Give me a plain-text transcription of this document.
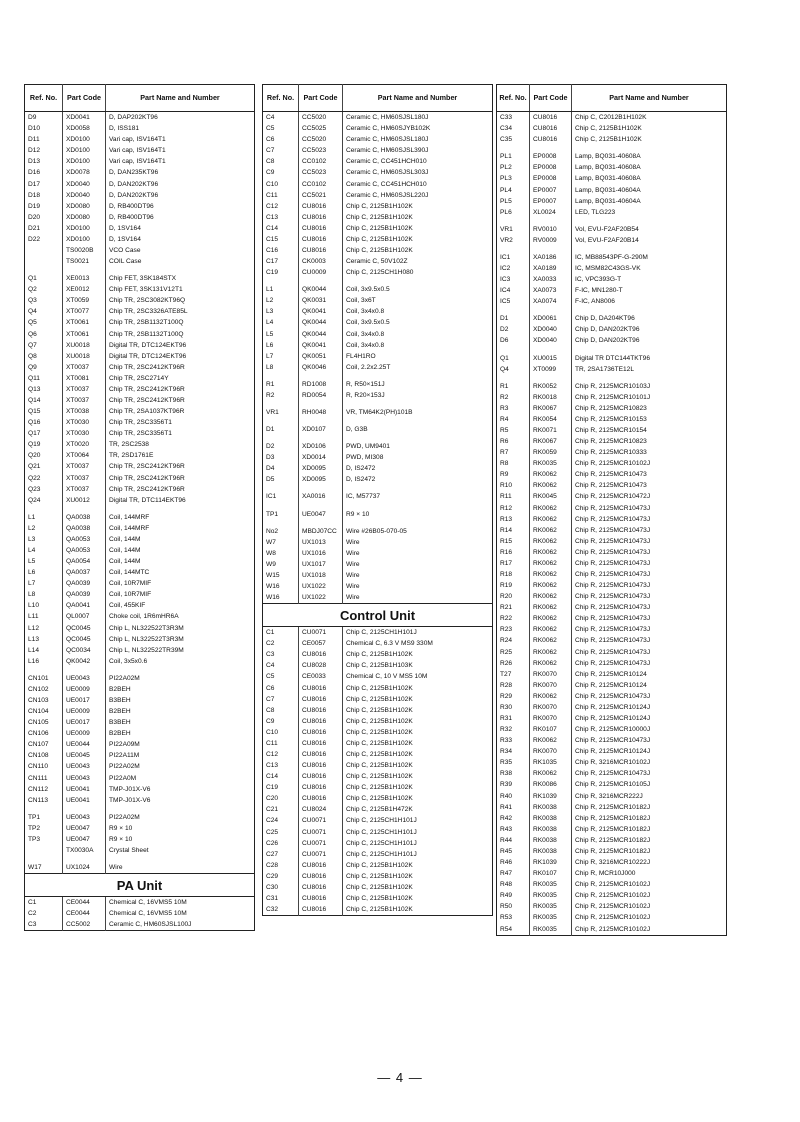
Ref. No.	Part Code	Part Name and Number
D9	XD0041	D, DAP202KT96
D10	XD0058	D, ISS181
D11	XD0100	Vari cap, ISV164T1
D12	XD0100	Vari cap, ISV164T1
D13	XD0100	Vari cap, ISV164T1
D16	XD0078	D, DAN235KT96
D17	XD0040	D, DAN202KT96
D18	XD0040	D, DAN202KT96
D19	XD0080	D, RB400DT96
D20	XD0080	D, RB400DT96
D21	XD0100	D, 1SV164
D22	XD0100	D, 1SV164
	TS0020B	VCO Case
	TS0021	COIL Case

Q1	XE0013	Chip FET, 3SK184STX
Q2	XE0012	Chip FET, 3SK131V12T1
Q3	XT0059	Chip TR, 2SC3082KT96Q
Q4	XT0077	Chip TR, 2SC3326ATE85L
Q5	XT0061	Chip TR, 2SB1132T100Q
Q6	XT0061	Chip TR, 2SB1132T100Q
Q7	XU0018	Digital TR, DTC124EKT96
Q8	XU0018	Digital TR, DTC124EKT96
Q9	XT0037	Chip TR, 2SC2412KT96R
Q11	XT0081	Chip TR, 2SC2714Y
Q13	XT0037	Chip TR, 2SC2412KT96R
Q14	XT0037	Chip TR, 2SC2412KT96R
Q15	XT0038	Chip TR, 2SA1037KT96R
Q16	XT0030	Chip TR, 2SC3356T1
Q17	XT0030	Chip TR, 2SC3356T1
Q19	XT0020	TR, 2SC2538
Q20	XT0064	TR, 2SD1761E
Q21	XT0037	Chip TR, 2SC2412KT96R
Q22	XT0037	Chip TR, 2SC2412KT96R
Q23	XT0037	Chip TR, 2SC2412KT96R
Q24	XU0012	Digital TR, DTC114EKT96

L1	QA0038	Coil, 144MRF
L2	QA0038	Coil, 144MRF
L3	QA0053	Coil, 144M
L4	QA0053	Coil, 144M
L5	QA0054	Coil, 144M
L6	QA0037	Coil, 144MTC
L7	QA0039	Coil, 10R7MIF
L8	QA0039	Coil, 10R7MIF
L10	QA0041	Coil, 455KIF
L11	QL0007	Choke coil, 1R6mHR6A
L12	QC0045	Chip L, NL322522T3R3M
L13	QC0045	Chip L, NL322522T3R3M
L14	QC0034	Chip L, NL322522TR39M
L16	QK0042	Coil, 3x5x0.6

CN101	UE0043	PI22A02M
CN102	UE0009	B2BEH
CN103	UE0017	B3BEH
CN104	UE0009	B2BEH
CN105	UE0017	B3BEH
CN106	UE0009	B2BEH
CN107	UE0044	PI22A09M
CN108	UE0045	PI22A11M
CN110	UE0043	PI22A02M
CN111	UE0043	PI22A0M
CN112	UE0041	TMP-J01X-V6
CN113	UE0041	TMP-J01X-V6

TP1	UE0043	PI22A02M
TP2	UE0047	R9 × 10
TP3	UE0047	R9 × 10
	TX0030A	Crystal Sheet

W17	UX1024	Wire
PA Unit		
C1	CE0044	Chemical C, 16VMS5 10M
C2	CE0044	Chemical C, 16VMS5 10M
C3	CC5002	Ceramic C, HM60SJSL100J
Ref. No.	Part Code	Part Name and Number
C4	CC5020	Ceramic C, HM60SJSL180J
C5	CC5025	Ceramic C, HM60SJYB102K
C6	CC5020	Ceramic C, HM60SJSL180J
C7	CC5023	Ceramic C, HM60SJSL390J
C8	CC0102	Ceramic C, CC451HCH010
C9	CC5023	Ceramic C, HM60SJSL303J
C10	CC0102	Ceramic C, CC451HCH010
C11	CC5021	Ceramic C, HM60SJSL220J
C12	CU8016	Chip C, 2125B1H102K
C13	CU8016	Chip C, 2125B1H102K
C14	CU8016	Chip C, 2125B1H102K
C15	CU8016	Chip C, 2125B1H102K
C16	CU8016	Chip C, 2125B1H102K
C17	CK0003	Ceramic C, 50V102Z
C19	CU0009	Chip C, 2125CH1H080

L1	QK0044	Coil, 3x9.5x0.5
L2	QK0031	Coil, 3x6T
L3	QK0041	Coil, 3x4x0.8
L4	QK0044	Coil, 3x9.5x0.5
L5	QK0044	Coil, 3x4x0.8
L6	QK0041	Coil, 3x4x0.8
L7	QK0051	FL4H1RO
L8	QK0046	Coil, 2.2x2.25T

R1	RD1008	R, R50×151J
R2	RD0054	R, R20×153J

VR1	RH0048	VR, TM64K2(PH)101B

D1	XD0107	D, G3B

D2	XD0106	PWD, UM9401
D3	XD0014	PWD, MI308
D4	XD0095	D, IS2472
D5	XD0095	D, IS2472

IC1	XA0016	IC, M57737

TP1	UE0047	R9 × 10

No2	MBDJ07CC	Wire #26B05-070-05
W7	UX1013	Wire
W8	UX1016	Wire
W9	UX1017	Wire
W15	UX1018	Wire
W16	UX1022	Wire
W16	UX1022	Wire
Control Unit		
C1	CU0071	Chip C, 2125CH1H101J
C2	CE0057	Chemical C, 6.3 V MS9 330M
C3	CU8016	Chip C, 2125B1H102K
C4	CU8028	Chip C, 2125B1H103K
C5	CE0033	Chemical C, 10 V MS5 10M
C6	CU8016	Chip C, 2125B1H102K
C7	CU8016	Chip C, 2125B1H102K
C8	CU8016	Chip C, 2125B1H102K
C9	CU8016	Chip C, 2125B1H102K
C10	CU8016	Chip C, 2125B1H102K
C11	CU8016	Chip C, 2125B1H102K
C12	CU8016	Chip C, 2125B1H102K
C13	CU8016	Chip C, 2125B1H102K
C14	CU8016	Chip C, 2125B1H102K
C19	CU8016	Chip C, 2125B1H102K
C20	CU8016	Chip C, 2125B1H102K
C21	CU8024	Chip C, 2125B1H472K
C24	CU0071	Chip C, 2125CH1H101J
C25	CU0071	Chip C, 2125CH1H101J
C26	CU0071	Chip C, 2125CH1H101J
C27	CU0071	Chip C, 2125CH1H101J
C28	CU8016	Chip C, 2125B1H102K
C29	CU8016	Chip C, 2125B1H102K
C30	CU8016	Chip C, 2125B1H102K
C31	CU8016	Chip C, 2125B1H102K
C32	CU8016	Chip C, 2125B1H102K
Ref. No.	Part Code	Part Name and Number
C33	CU8016	Chip C, C2012B1H102K
C34	CU8016	Chip C, 2125B1H102K
C35	CU8016	Chip C, 2125B1H102K

PL1	EP0008	Lamp, BQ031-40608A
PL2	EP0008	Lamp, BQ031-40608A
PL3	EP0008	Lamp, BQ031-40608A
PL4	EP0007	Lamp, BQ031-40604A
PL5	EP0007	Lamp, BQ031-40604A
PL6	XL0024	LED, TLG223

VR1	RV0010	Vol, EVU-F2AF20B54
VR2	RV0009	Vol, EVU-F2AF20B14

IC1	XA0186	IC, MB88543PF-G-290M
IC2	XA0189	IC, MSM82C43GS-VK
IC3	XA0033	IC, VPC393G-T
IC4	XA0073	F-IC, MN1280-T
IC5	XA0074	F-IC, AN8006

D1	XD0061	Chip D, DA204KT96
D2	XD0040	Chip D, DAN202KT96
D6	XD0040	Chip D, DAN202KT96

Q1	XU0015	Digital TR DTC144TKT96
Q4	XT0099	TR, 2SA1736TE12L

R1	RK0052	Chip R, 2125MCR10103J
R2	RK0018	Chip R, 2125MCR10101J
R3	RK0067	Chip R, 2125MCR10823
R4	RK0054	Chip R, 2125MCR10153
R5	RK0071	Chip R, 2125MCR10154
R6	RK0067	Chip R, 2125MCR10823
R7	RK0059	Chip R, 2125MCR10333
R8	RK0035	Chip R, 2125MCR10102J
R9	RK0062	Chip R, 2125MCR10473
R10	RK0062	Chip R, 2125MCR10473
R11	RK0045	Chip R, 2125MCR10472J
R12	RK0062	Chip R, 2125MCR10473J
R13	RK0062	Chip R, 2125MCR10473J
R14	RK0062	Chip R, 2125MCR10473J
R15	RK0062	Chip R, 2125MCR10473J
R16	RK0062	Chip R, 2125MCR10473J
R17	RK0062	Chip R, 2125MCR10473J
R18	RK0062	Chip R, 2125MCR10473J
R19	RK0062	Chip R, 2125MCR10473J
R20	RK0062	Chip R, 2125MCR10473J
R21	RK0062	Chip R, 2125MCR10473J
R22	RK0062	Chip R, 2125MCR10473J
R23	RK0062	Chip R, 2125MCR10473J
R24	RK0062	Chip R, 2125MCR10473J
R25	RK0062	Chip R, 2125MCR10473J
R26	RK0062	Chip R, 2125MCR10473J
T27	RK0070	Chip R, 2125MCR10124
R28	RK0070	Chip R, 2125MCR10124
R29	RK0062	Chip R, 2125MCR10473J
R30	RK0070	Chip R, 2125MCR10124J
R31	RK0070	Chip R, 2125MCR10124J
R32	RK0107	Chip R, 2125MCR10000J
R33	RK0062	Chip R, 2125MCR10473J
R34	RK0070	Chip R, 2125MCR10124J
R35	RK1035	Chip R, 3216MCR10102J
R38	RK0062	Chip R, 2125MCR10473J
R39	RK0086	Chip R, 2125MCR10105J
R40	RK1039	Chip R, 3216MCR222J
R41	RK0038	Chip R, 2125MCR10182J
R42	RK0038	Chip R, 2125MCR10182J
R43	RK0038	Chip R, 2125MCR10182J
R44	RK0038	Chip R, 2125MCR10182J
R45	RK0038	Chip R, 2125MCR10182J
R46	RK1039	Chip R, 3216MCR10222J
R47	RK0107	Chip R, MCR10J000
R48	RK0035	Chip R, 2125MCR10102J
R49	RK0035	Chip R, 2125MCR10102J
R50	RK0035	Chip R, 2125MCR10102J
R53	RK0035	Chip R, 2125MCR10102J
R54	RK0035	Chip R, 2125MCR10102J
— 4 —
